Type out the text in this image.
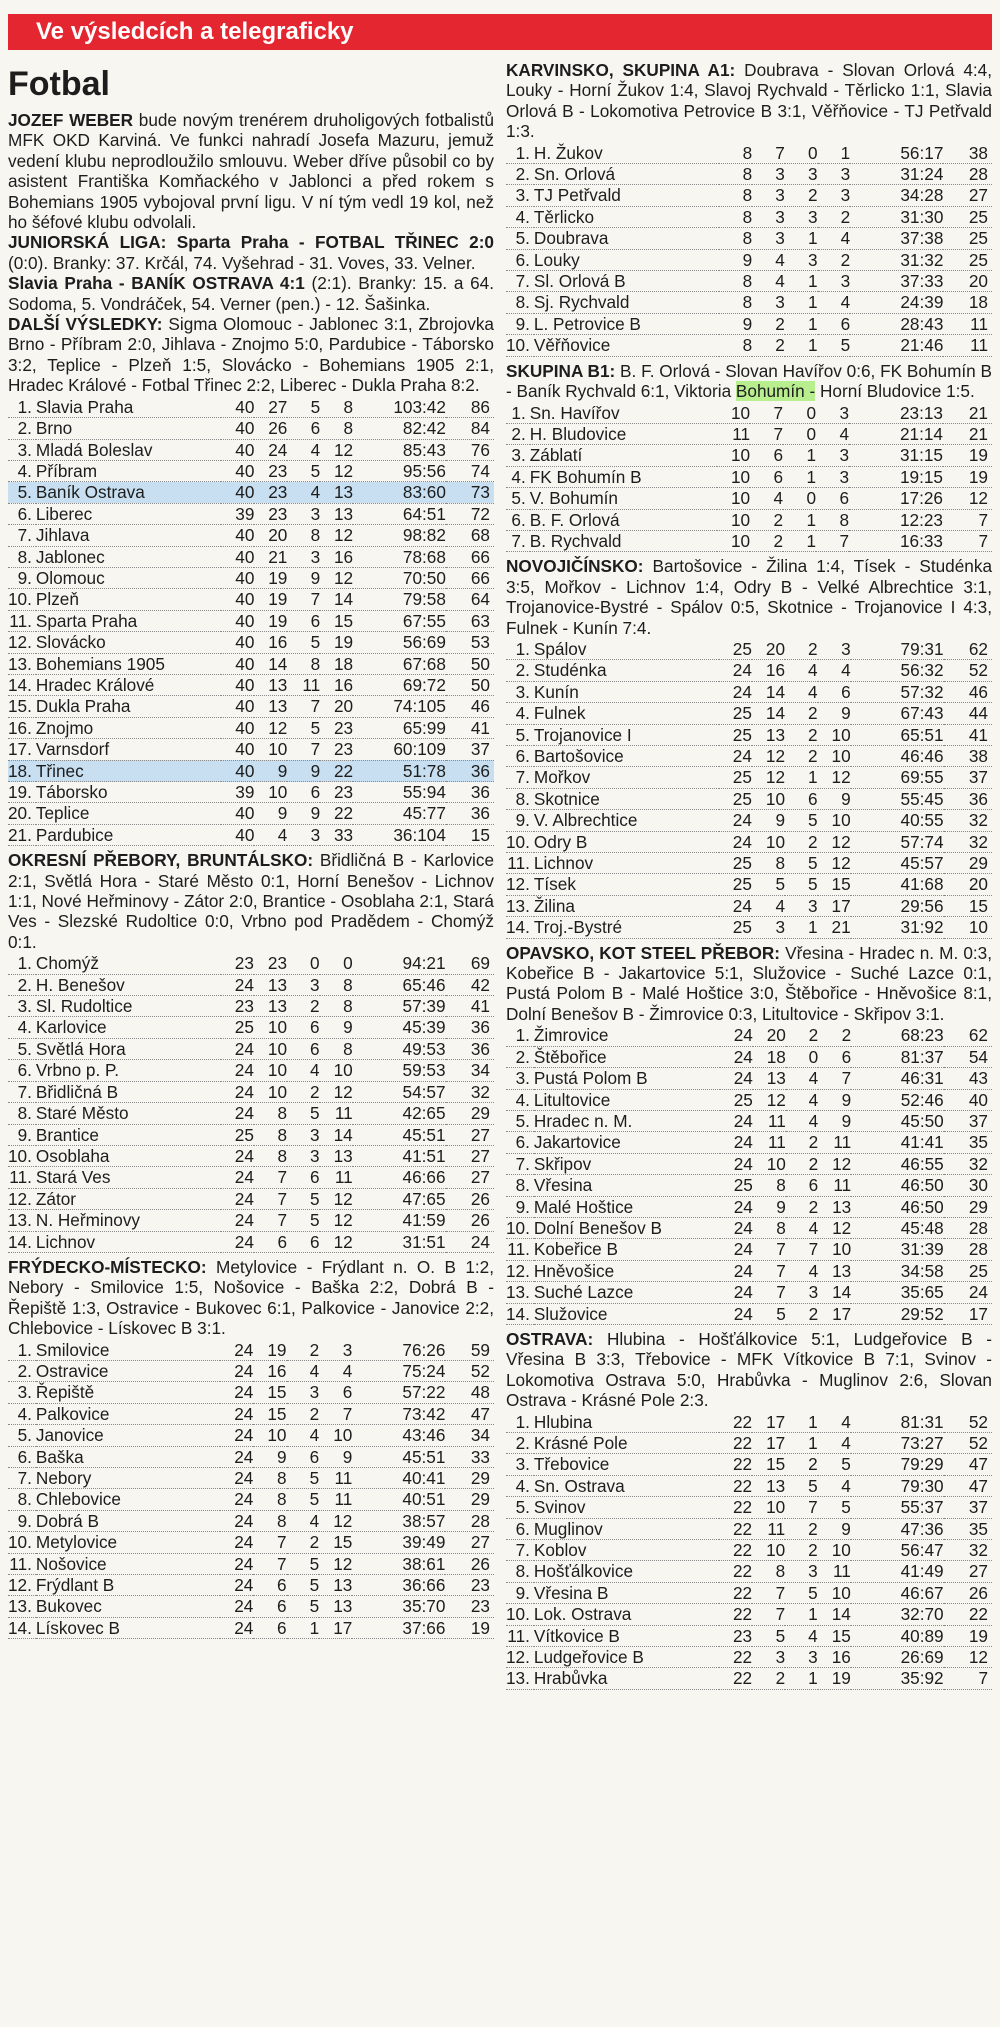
Ve výsledcích a telegraficky
Fotbal

JOZEF WEBER bude novým trenérem druholigových fotbalistů MFK OKD Karviná. Ve funkci nahradí Josefa Mazuru, jemuž vedení klubu neprodloužilo smlouvu. Weber dříve působil co by asistent Františka Komňackého v Jablonci a před rokem s Bohemians 1905 vybojoval první ligu. V ní tým vedl 19 kol, než ho šéfové klubu odvolali.

JUNIORSKÁ LIGA: Sparta Praha - FOTBAL TŘINEC 2:0 (0:0). Branky: 37. Krčál, 74. Vyšehrad - 31. Voves, 33. Velner.

Slavia Praha - BANÍK OSTRAVA 4:1 (2:1). Branky: 15. a 64. Sodoma, 5. Vondráček, 54. Verner (pen.) - 12. Šašinka.

DALŠÍ VÝSLEDKY: Sigma Olomouc - Jablonec 3:1, Zbrojovka Brno - Příbram 2:0, Jihlava - Znojmo 5:0, Pardubice - Táborsko 3:2, Teplice - Plzeň 1:5, Slovácko - Bohemians 1905 2:1, Hradec Králové - Fotbal Třinec 2:2, Liberec - Dukla Praha 8:2.

1.	Slavia Praha	40	27	5	8	103:42	86
2.	Brno	40	26	6	8	82:42	84
3.	Mladá Boleslav	40	24	4	12	85:43	76
4.	Příbram	40	23	5	12	95:56	74
5.	Baník Ostrava	40	23	4	13	83:60	73
6.	Liberec	39	23	3	13	64:51	72
7.	Jihlava	40	20	8	12	98:82	68
8.	Jablonec	40	21	3	16	78:68	66
9.	Olomouc	40	19	9	12	70:50	66
10.	Plzeň	40	19	7	14	79:58	64
11.	Sparta Praha	40	19	6	15	67:55	63
12.	Slovácko	40	16	5	19	56:69	53
13.	Bohemians 1905	40	14	8	18	67:68	50
14.	Hradec Králové	40	13	11	16	69:72	50
15.	Dukla Praha	40	13	7	20	74:105	46
16.	Znojmo	40	12	5	23	65:99	41
17.	Varnsdorf	40	10	7	23	60:109	37
18.	Třinec	40	9	9	22	51:78	36
19.	Táborsko	39	10	6	23	55:94	36
20.	Teplice	40	9	9	22	45:77	36
21.	Pardubice	40	4	3	33	36:104	15

OKRESNÍ PŘEBORY, BRUNTÁLSKO: Břidličná B - Karlovice 2:1, Světlá Hora - Staré Město 0:1, Horní Benešov - Lichnov 1:1, Nové Heřminovy - Zátor 2:0, Brantice - Osoblaha 2:1, Stará Ves - Slezské Rudoltice 0:0, Vrbno pod Pradědem - Chomýž 0:1.

1.	Chomýž	23	23	0	0	94:21	69
2.	H. Benešov	24	13	3	8	65:46	42
3.	Sl. Rudoltice	23	13	2	8	57:39	41
4.	Karlovice	25	10	6	9	45:39	36
5.	Světlá Hora	24	10	6	8	49:53	36
6.	Vrbno p. P.	24	10	4	10	59:53	34
7.	Břidličná B	24	10	2	12	54:57	32
8.	Staré Město	24	8	5	11	42:65	29
9.	Brantice	25	8	3	14	45:51	27
10.	Osoblaha	24	8	3	13	41:51	27
11.	Stará Ves	24	7	6	11	46:66	27
12.	Zátor	24	7	5	12	47:65	26
13.	N. Heřminovy	24	7	5	12	41:59	26
14.	Lichnov	24	6	6	12	31:51	24

FRÝDECKO-MÍSTECKO: Metylovice - Frýdlant n. O. B 1:2, Nebory - Smilovice 1:5, Nošovice - Baška 2:2, Dobrá B - Řepiště 1:3, Ostravice - Bukovec 6:1, Palkovice - Janovice 2:2, Chlebovice - Lískovec B 3:1.

1.	Smilovice	24	19	2	3	76:26	59
2.	Ostravice	24	16	4	4	75:24	52
3.	Řepiště	24	15	3	6	57:22	48
4.	Palkovice	24	15	2	7	73:42	47
5.	Janovice	24	10	4	10	43:46	34
6.	Baška	24	9	6	9	45:51	33
7.	Nebory	24	8	5	11	40:41	29
8.	Chlebovice	24	8	5	11	40:51	29
9.	Dobrá B	24	8	4	12	38:57	28
10.	Metylovice	24	7	2	15	39:49	27
11.	Nošovice	24	7	5	12	38:61	26
12.	Frýdlant B	24	6	5	13	36:66	23
13.	Bukovec	24	6	5	13	35:70	23
14.	Lískovec B	24	6	1	17	37:66	19

KARVINSKO, SKUPINA A1: Doubrava - Slovan Orlová 4:4, Louky - Horní Žukov 1:4, Slavoj Rychvald - Těrlicko 1:1, Slavia Orlová B - Lokomotiva Petrovice B 3:1, Věřňovice - TJ Petřvald 1:3.

1.	H. Žukov	8	7	0	1	56:17	38
2.	Sn. Orlová	8	3	3	3	31:24	28
3.	TJ Petřvald	8	3	2	3	34:28	27
4.	Těrlicko	8	3	3	2	31:30	25
5.	Doubrava	8	3	1	4	37:38	25
6.	Louky	9	4	3	2	31:32	25
7.	Sl. Orlová B	8	4	1	3	37:33	20
8.	Sj. Rychvald	8	3	1	4	24:39	18
9.	L. Petrovice B	9	2	1	6	28:43	11
10.	Věřňovice	8	2	1	5	21:46	11

SKUPINA B1: B. F. Orlová - Slovan Havířov 0:6, FK Bohumín B - Baník Rychvald 6:1, Viktoria Bohumín - Horní Bludovice 1:5.

1.	Sn. Havířov	10	7	0	3	23:13	21
2.	H. Bludovice	11	7	0	4	21:14	21
3.	Záblatí	10	6	1	3	31:15	19
4.	FK Bohumín B	10	6	1	3	19:15	19
5.	V. Bohumín	10	4	0	6	17:26	12
6.	B. F. Orlová	10	2	1	8	12:23	7
7.	B. Rychvald	10	2	1	7	16:33	7

NOVOJIČÍNSKO: Bartošovice - Žilina 1:4, Tísek - Studénka 3:5, Mořkov - Lichnov 1:4, Odry B - Velké Albrechtice 3:1, Trojanovice-Bystré - Spálov 0:5, Skotnice - Trojanovice I 4:3, Fulnek - Kunín 7:4.

1.	Spálov	25	20	2	3	79:31	62
2.	Studénka	24	16	4	4	56:32	52
3.	Kunín	24	14	4	6	57:32	46
4.	Fulnek	25	14	2	9	67:43	44
5.	Trojanovice I	25	13	2	10	65:51	41
6.	Bartošovice	24	12	2	10	46:46	38
7.	Mořkov	25	12	1	12	69:55	37
8.	Skotnice	25	10	6	9	55:45	36
9.	V. Albrechtice	24	9	5	10	40:55	32
10.	Odry B	24	10	2	12	57:74	32
11.	Lichnov	25	8	5	12	45:57	29
12.	Tísek	25	5	5	15	41:68	20
13.	Žilina	24	4	3	17	29:56	15
14.	Troj.-Bystré	25	3	1	21	31:92	10

OPAVSKO, KOT STEEL PŘEBOR: Vřesina - Hradec n. M. 0:3, Kobeřice B - Jakartovice 5:1, Služovice - Suché Lazce 0:1, Pustá Polom B - Malé Hoštice 3:0, Štěbořice - Hněvošice 8:1, Dolní Benešov B - Žimrovice 0:3, Litultovice - Skřipov 3:1.

1.	Žimrovice	24	20	2	2	68:23	62
2.	Štěbořice	24	18	0	6	81:37	54
3.	Pustá Polom B	24	13	4	7	46:31	43
4.	Litultovice	25	12	4	9	52:46	40
5.	Hradec n. M.	24	11	4	9	45:50	37
6.	Jakartovice	24	11	2	11	41:41	35
7.	Skřipov	24	10	2	12	46:55	32
8.	Vřesina	25	8	6	11	46:50	30
9.	Malé Hoštice	24	9	2	13	46:50	29
10.	Dolní Benešov B	24	8	4	12	45:48	28
11.	Kobeřice B	24	7	7	10	31:39	28
12.	Hněvošice	24	7	4	13	34:58	25
13.	Suché Lazce	24	7	3	14	35:65	24
14.	Služovice	24	5	2	17	29:52	17

OSTRAVA: Hlubina - Hošťálkovice 5:1, Ludgeřovice B - Vřesina B 3:3, Třebovice - MFK Vítkovice B 7:1, Svinov - Lokomotiva Ostrava 5:0, Hrabůvka - Muglinov 2:6, Slovan Ostrava - Krásné Pole 2:3.

1.	Hlubina	22	17	1	4	81:31	52
2.	Krásné Pole	22	17	1	4	73:27	52
3.	Třebovice	22	15	2	5	79:29	47
4.	Sn. Ostrava	22	13	5	4	79:30	47
5.	Svinov	22	10	7	5	55:37	37
6.	Muglinov	22	11	2	9	47:36	35
7.	Koblov	22	10	2	10	56:47	32
8.	Hošťálkovice	22	8	3	11	41:49	27
9.	Vřesina B	22	7	5	10	46:67	26
10.	Lok. Ostrava	22	7	1	14	32:70	22
11.	Vítkovice B	23	5	4	15	40:89	19
12.	Ludgeřovice B	22	3	3	16	26:69	12
13.	Hrabůvka	22	2	1	19	35:92	7
